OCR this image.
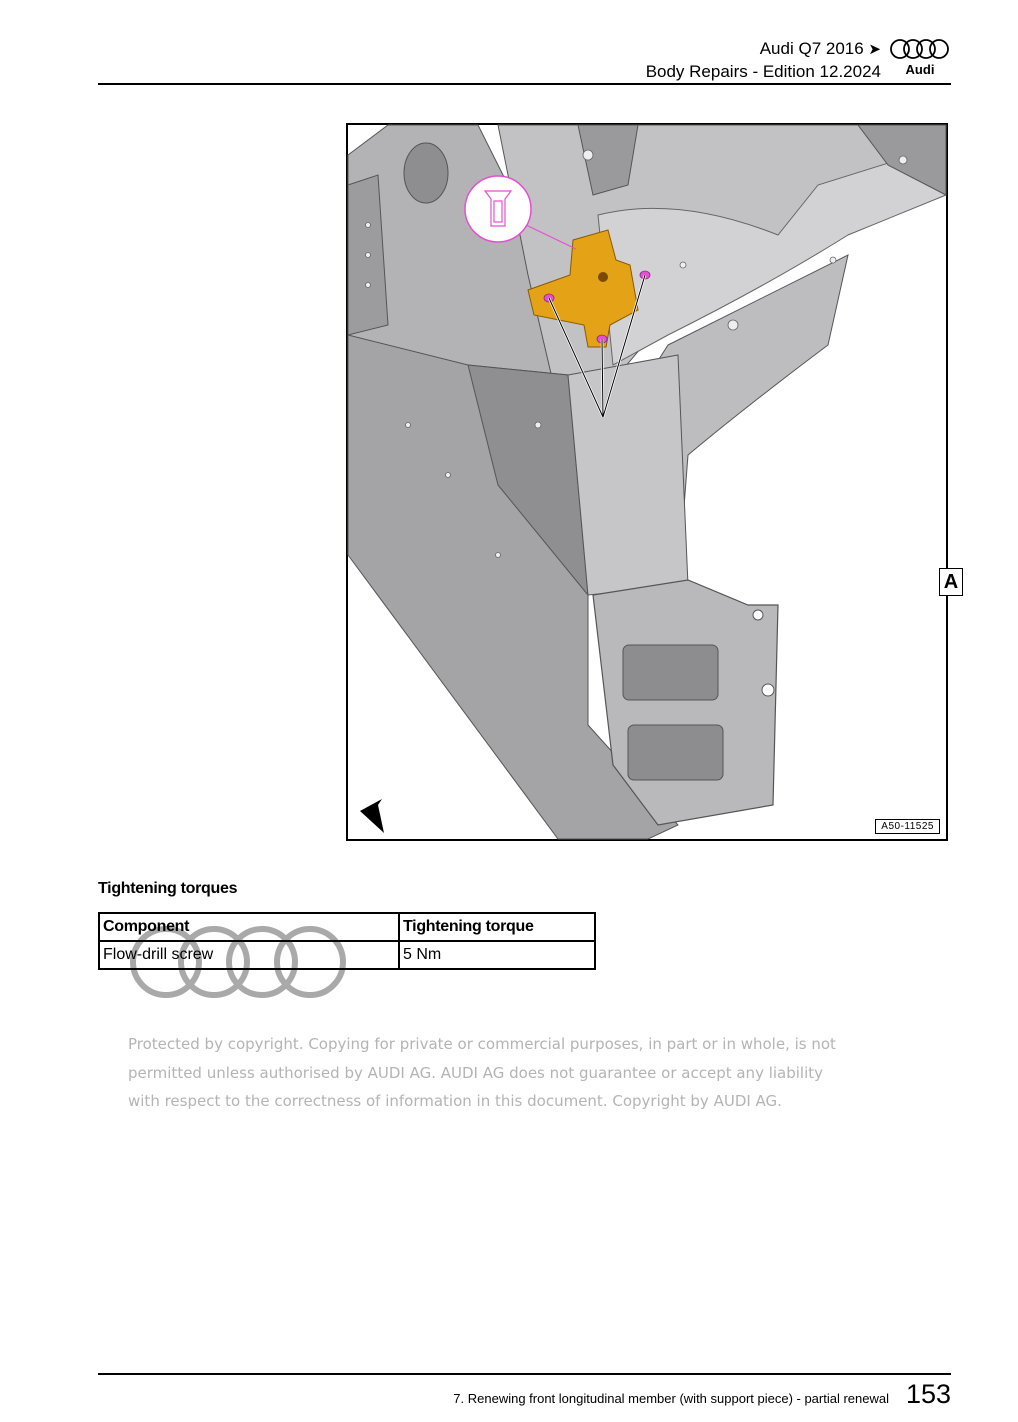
Audi Q7 2016 ➤
Body Repairs - Edition 12.2024 Audi
A
A50-11525
Tightening torques
Component	Tightening torque
Flow-drill screw	5 Nm
Protected by copyright. Copying for private or commercial purposes, in part or in whole, is not
permitted unless authorised by AUDI AG. AUDI AG does not guarantee or accept any liability
with respect to the correctness of information in this document. Copyright by AUDI AG.
7. Renewing front longitudinal member (with support piece) - partial renewal 153
